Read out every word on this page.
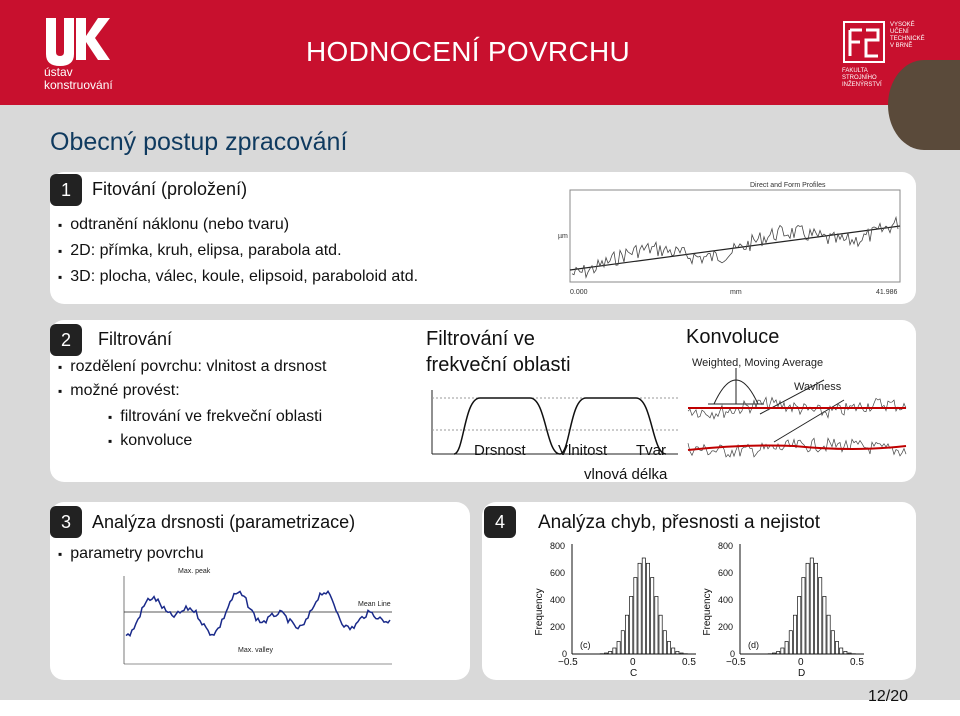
ústav
konstruování
HODNOCENÍ POVRCHU
VYSOKÉ
UČENÍ
TECHNICKÉ
V BRNĚ
FAKULTA
STROJNÍHO
INŽENÝRSTVÍ
Obecný postup zpracování
1	Fitování (proložení)
▪ odtranění náklonu (nebo tvaru)
▪ 2D: přímka, kruh, elipsa, parabola atd.
▪ 3D: plocha, válec, koule, elipsoid, paraboloid atd.
Direct and Form Profiles
µm
0.000	mm	41.986
2	Filtrování
▪ rozdělení povrchu: vlnitost a drsnost
▪ možné provést:
▪ filtrování ve frekveční oblasti
▪ konvoluce
Filtrování ve
frekveční oblasti
Drsnost Vlnitost Tvar
vlnová délka
Konvoluce
Weighted, Moving Average
Waviness
3	Analýza drsnosti (parametrizace)
▪ parametry povrchu
Max. peak
Mean Line
Max. valley
4	Analýza chyb, přesnosti a nejistot
Frequency
800
600
400
200
0
−0.5	0	0.5
C
(c)
Frequency
800
600
400
200
0
−0.5	0	0.5
D
(d)
12/20
